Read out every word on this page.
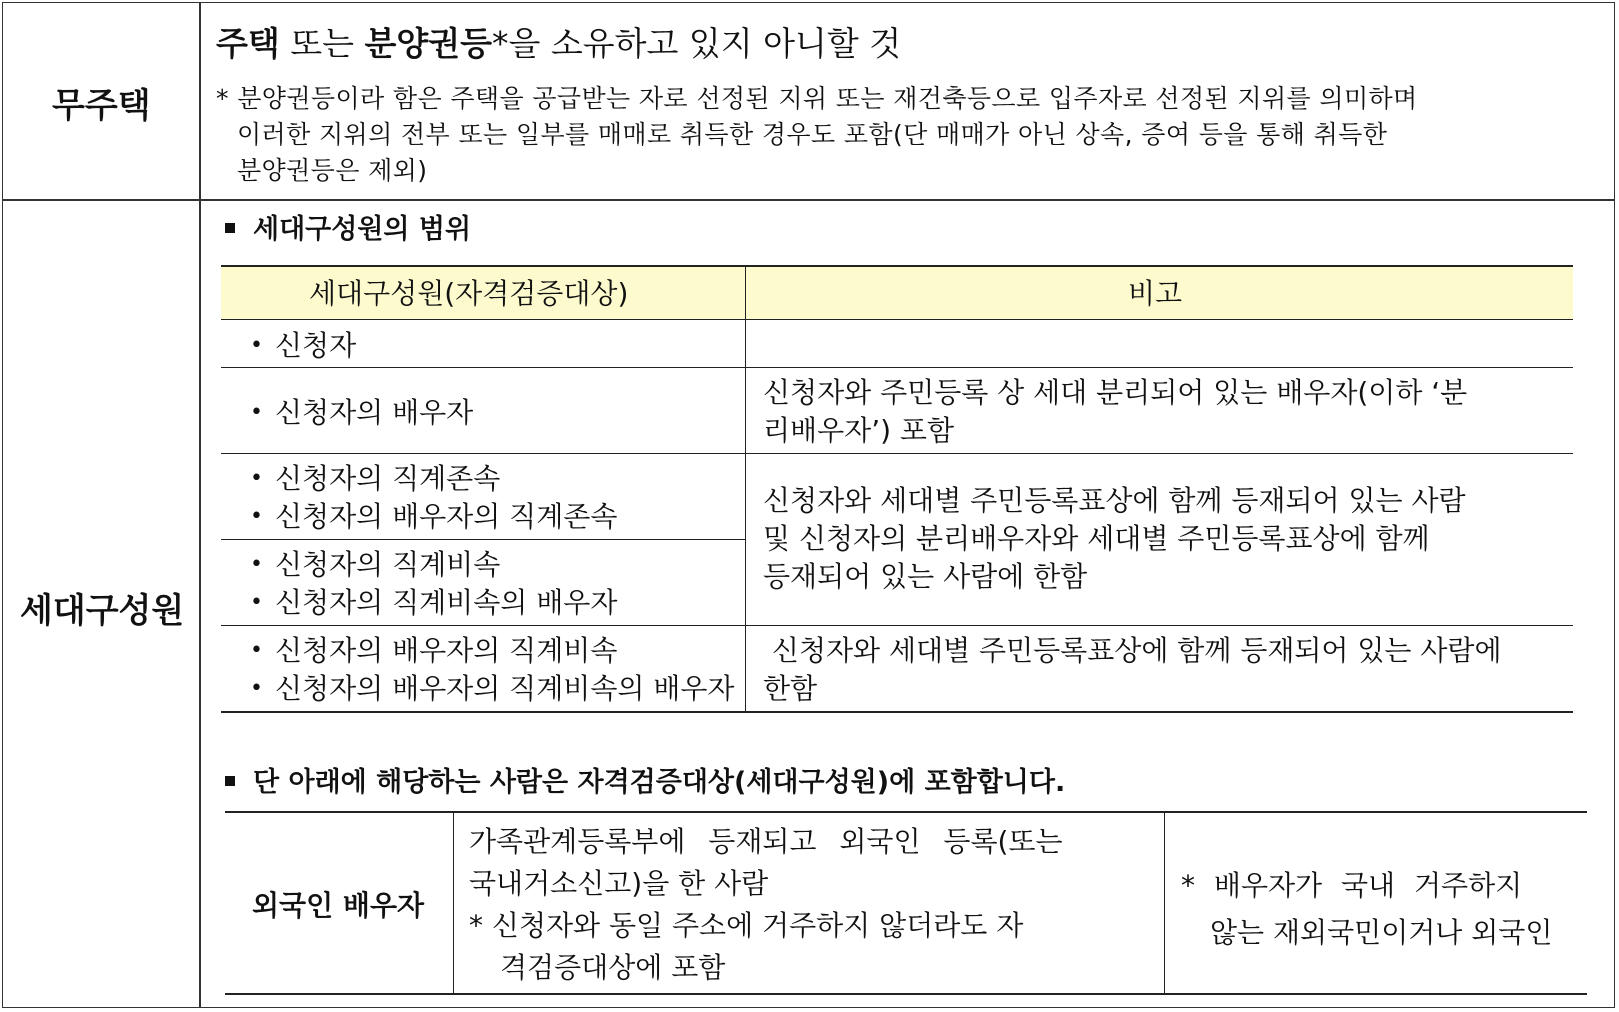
무주택
주택 또는 분양권등*을 소유하고 있지 아니할 것
* 분양권등이라 함은 주택을 공급받는 자로 선정된 지위 또는 재건축등으로 입주자로 선정된 지위를 의미하며
이러한 지위의 전부 또는 일부를 매매로 취득한 경우도 포함(단 매매가 아닌 상속, 증여 등을 통해 취득한
분양권등은 제외)
세대구성원
세대구성원의 범위
세대구성원(자격검증대상)	비고
• 신청자
• 신청자의 배우자
신청자와 주민등록 상 세대 분리되어 있는 배우자(이하 ‘분
리배우자’) 포함
• 신청자의 직계존속
• 신청자의 배우자의 직계존속
• 신청자의 직계비속
• 신청자의 직계비속의 배우자
신청자와 세대별 주민등록표상에 함께 등재되어 있는 사람
및 신청자의 분리배우자와 세대별 주민등록표상에 함께
등재되어 있는 사람에 한함
• 신청자의 배우자의 직계비속
• 신청자의 배우자의 직계비속의 배우자
신청자와 세대별 주민등록표상에 함께 등재되어 있는 사람에
한함
단 아래에 해당하는 사람은 자격검증대상(세대구성원)에 포함합니다.
외국인 배우자
가족관계등록부에 등재되고 외국인 등록(또는
국내거소신고)을 한 사람
* 신청자와 동일 주소에 거주하지 않더라도 자
격검증대상에 포함
* 배우자가 국내 거주하지
않는 재외국민이거나 외국인
